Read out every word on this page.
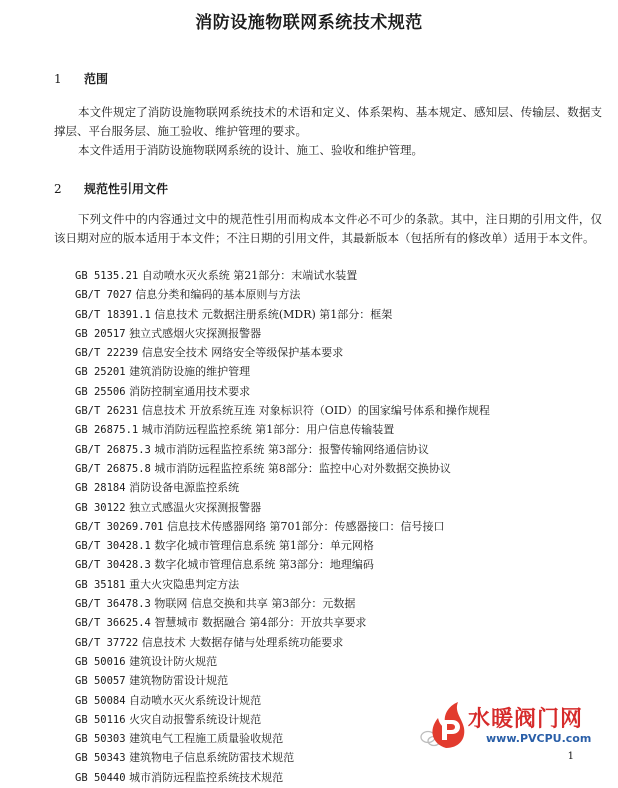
消防设施物联网系统技术规范
1 范围
本文件规定了消防设施物联网系统技术的术语和定义、体系架构、基本规定、感知层、传输层、数据支撑层、平台服务层、施工验收、维护管理的要求。
本文件适用于消防设施物联网系统的设计、施工、验收和维护管理。
2 规范性引用文件
下列文件中的内容通过文中的规范性引用而构成本文件必不可少的条款。其中，注日期的引用文件，仅该日期对应的版本适用于本文件；不注日期的引用文件，其最新版本（包括所有的修改单）适用于本文件。
GB 5135.21 自动喷水灭火系统 第21部分：末端试水装置
GB/T 7027 信息分类和编码的基本原则与方法
GB/T 18391.1 信息技术 元数据注册系统(MDR) 第1部分：框架
GB 20517 独立式感烟火灾探测报警器
GB/T 22239 信息安全技术 网络安全等级保护基本要求
GB 25201 建筑消防设施的维护管理
GB 25506 消防控制室通用技术要求
GB/T 26231 信息技术 开放系统互连 对象标识符（OID）的国家编号体系和操作规程
GB 26875.1 城市消防远程监控系统 第1部分：用户信息传输装置
GB/T 26875.3 城市消防远程监控系统 第3部分：报警传输网络通信协议
GB/T 26875.8 城市消防远程监控系统 第8部分：监控中心对外数据交换协议
GB 28184 消防设备电源监控系统
GB 30122 独立式感温火灾探测报警器
GB/T 30269.701 信息技术传感器网络 第701部分：传感器接口：信号接口
GB/T 30428.1 数字化城市管理信息系统 第1部分：单元网格
GB/T 30428.3 数字化城市管理信息系统 第3部分：地理编码
GB 35181 重大火灾隐患判定方法
GB/T 36478.3 物联网 信息交换和共享 第3部分：元数据
GB/T 36625.4 智慧城市 数据融合 第4部分：开放共享要求
GB/T 37722 信息技术 大数据存储与处理系统功能要求
GB 50016 建筑设计防火规范
GB 50057 建筑物防雷设计规范
GB 50084 自动喷水灭火系统设计规范
GB 50116 火灾自动报警系统设计规范
GB 50303 建筑电气工程施工质量验收规范
GB 50343 建筑物电子信息系统防雷技术规范
GB 50440 城市消防远程监控系统技术规范
水暖阀门网
www.PVCPU.com
1
